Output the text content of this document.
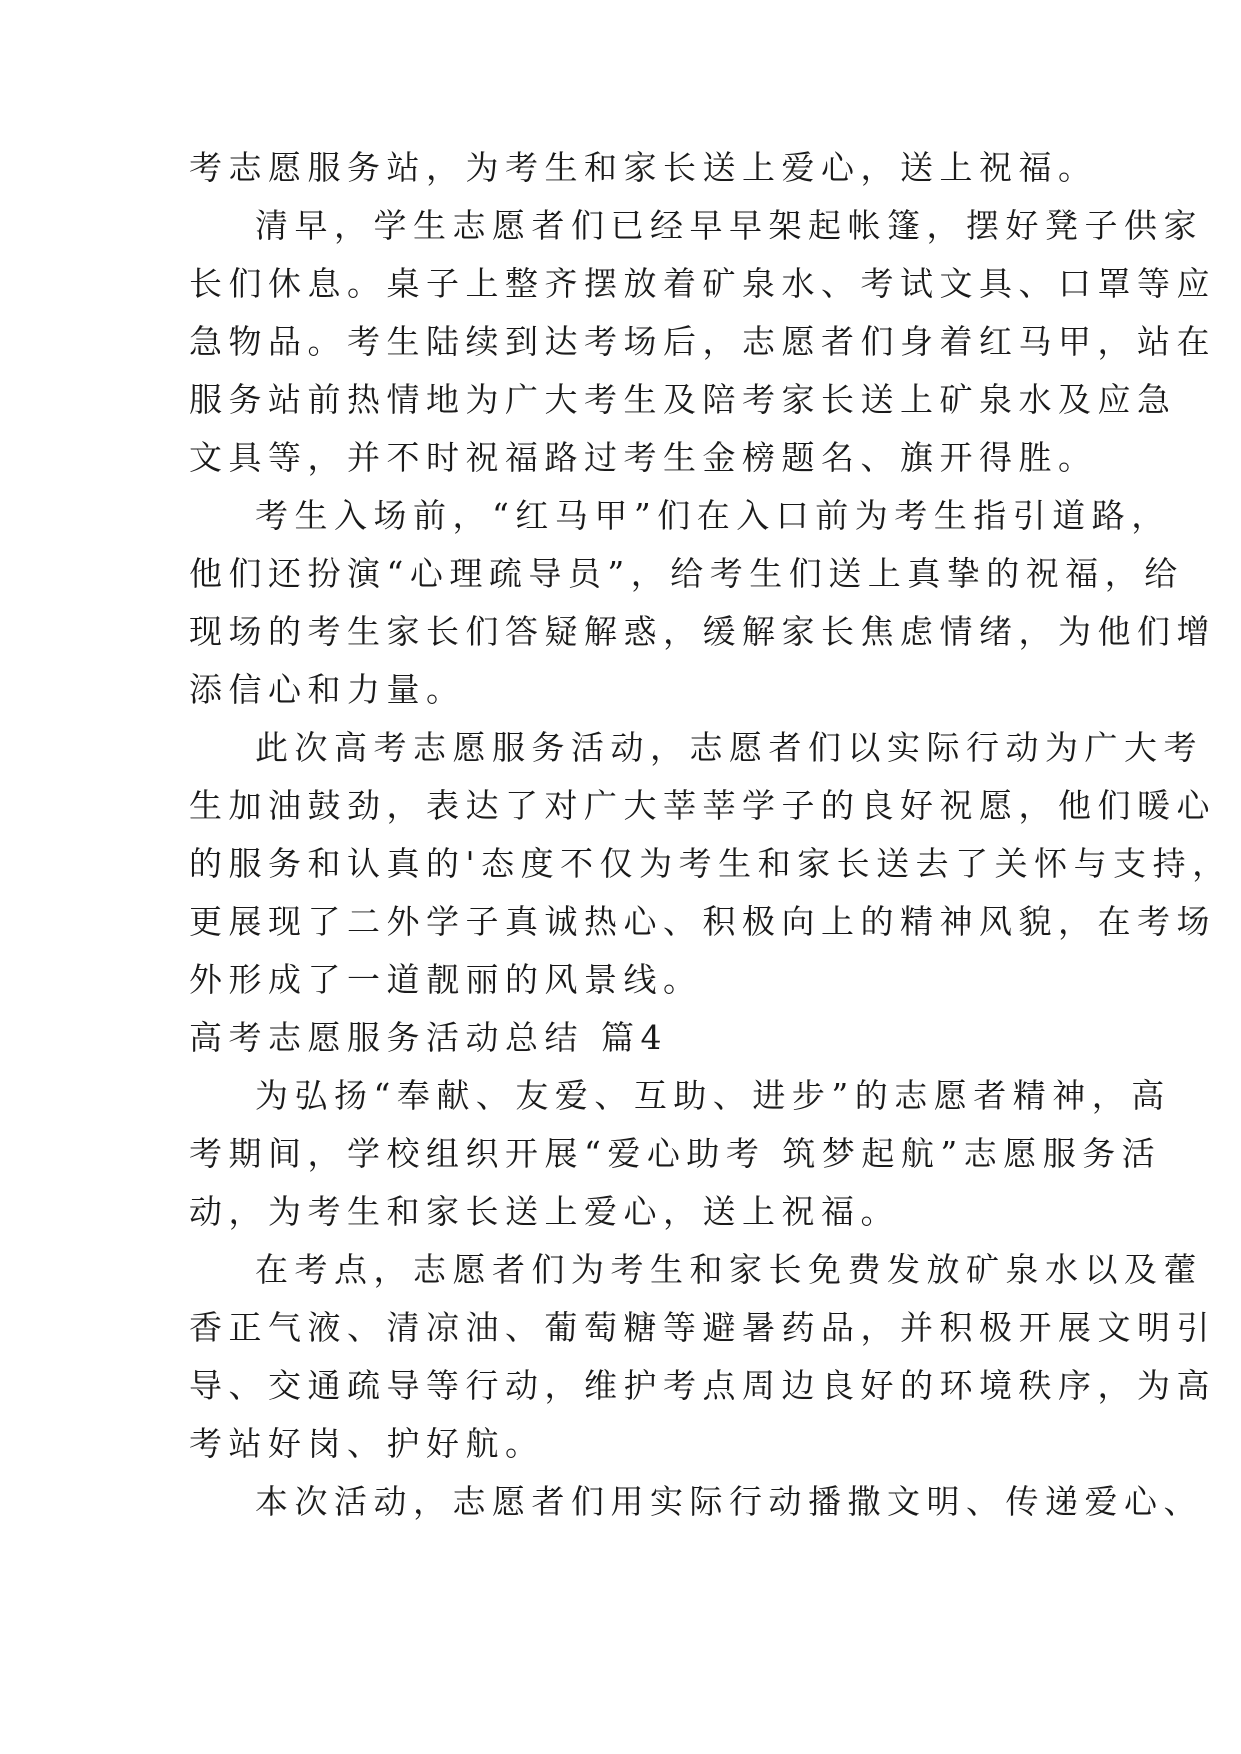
考志愿服务站，为考生和家长送上爱心，送上祝福。
清早，学生志愿者们已经早早架起帐篷，摆好凳子供家
长们休息。桌子上整齐摆放着矿泉水、考试文具、口罩等应
急物品。考生陆续到达考场后，志愿者们身着红马甲，站在
服务站前热情地为广大考生及陪考家长送上矿泉水及应急
文具等，并不时祝福路过考生金榜题名、旗开得胜。
考生入场前，“红马甲”们在入口前为考生指引道路，
他们还扮演“心理疏导员”，给考生们送上真挚的祝福，给
现场的考生家长们答疑解惑，缓解家长焦虑情绪，为他们增
添信心和力量。
此次高考志愿服务活动，志愿者们以实际行动为广大考
生加油鼓劲，表达了对广大莘莘学子的良好祝愿，他们暖心
的服务和认真的'态度不仅为考生和家长送去了关怀与支持，
更展现了二外学子真诚热心、积极向上的精神风貌，在考场
外形成了一道靓丽的风景线。
高考志愿服务活动总结 篇4
为弘扬“奉献、友爱、互助、进步”的志愿者精神，高
考期间，学校组织开展“爱心助考 筑梦起航”志愿服务活
动，为考生和家长送上爱心，送上祝福。
在考点，志愿者们为考生和家长免费发放矿泉水以及藿
香正气液、清凉油、葡萄糖等避暑药品，并积极开展文明引
导、交通疏导等行动，维护考点周边良好的环境秩序，为高
考站好岗、护好航。
本次活动，志愿者们用实际行动播撒文明、传递爱心、
